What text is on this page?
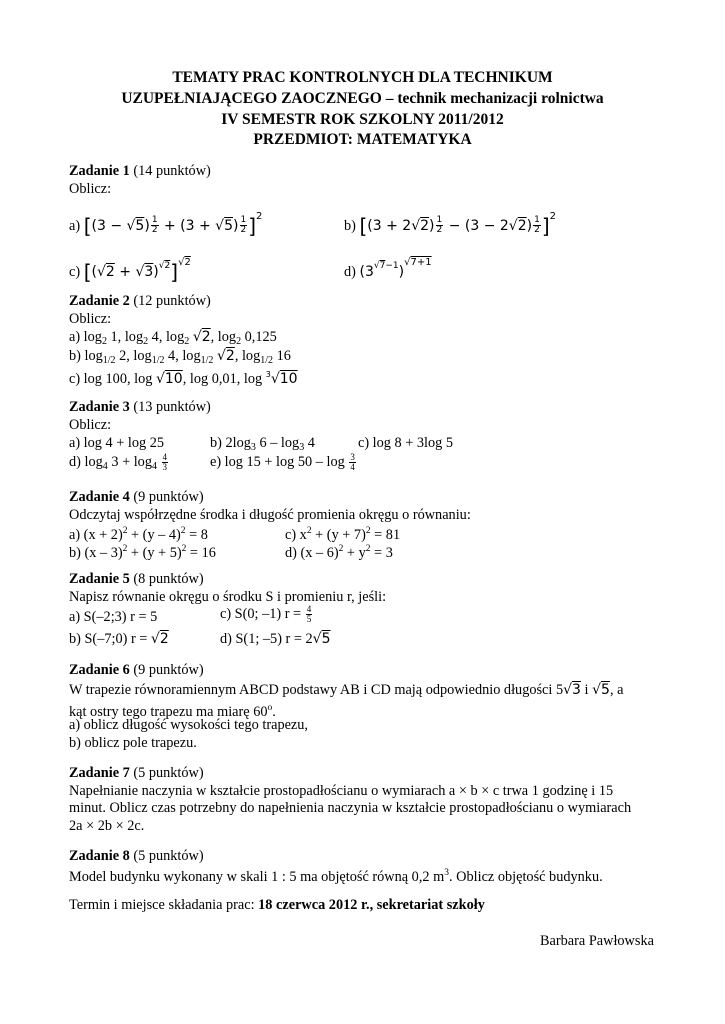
TEMATY PRAC KONTROLNYCH DLA TECHNIKUM
UZUPEŁNIAJĄCEGO ZAOCZNEGO – technik mechanizacji rolnictwa
IV SEMESTR ROK SZKOLNY 2011/2012
PRZEDMIOT: MATEMATYKA
Zadanie 1 (14 punktów)
Oblicz:
a) $[(3 - √5) \frac{1}{2} + (3 + √5) \frac{1}{2} ]^2$
b) $[(3 + 2√2) \frac{1}{2} - (3 - 2√2) \frac{1}{2} ]^2$
c) $[(√2 + √3)^{√2}]^{√2}$
d) $(3^{√7-1})^{√7+1}$
Zadanie 2 (12 punktów)
Oblicz:
a) $\log_2 1$, $\log_2 4$, $\log_2 √2$, $\log_2 0,125$
b) $\log_{1/2} 2$, $\log_{1/2} 4$, $\log_{1/2} √2$, $\log_{1/2} 16$
c) log 100, log √10, log 0,01, log $^3$√10
Zadanie 3 (13 punktów)
Oblicz:
a) log 4 + log 25	b) $2\log_3$ $6 - \log_3 4$	c) log 8 + 3log 5
d) $\log_4 3 + \log_4 \frac{4}{3}$	e) $\log 15 + \log 50 - \log \frac{3}{4}$
Zadanie 4 (9 punktów)
Odczytaj współrzędne środka i długość promienia okręgu o równaniu:
a) $(x + 2)^2 + (y - 4)^2 = 8$	c) $x^2 + (y + 7)^2 = 81$
b) $(x - 3)^2 + (y + 5)^2 = 16$	d) $(x - 6)^2 + y^2 = 3$
Zadanie 5 (8 punktów)
Napisz równanie okręgu o środku S i promieniu r, jeśli:
a) S(–2;3) r = 5	c) S(0; –1) $r = \frac{4}{5}$
b) S(–7;0) r = √2	d) S(1; –5) r = 2√5
Zadanie 6 (9 punktów)
W trapezie równoramiennym ABCD podstawy AB i CD mają odpowiednio długości 5√3 i √5, a
kąt ostry tego trapezu ma miarę 60$^o$.
a) oblicz długość wysokości tego trapezu,
b) oblicz pole trapezu.
Zadanie 7 (5 punktów)
Napełnianie naczynia w kształcie prostopadłościanu o wymiarach a × b × c trwa 1 godzinę i 15
minut. Oblicz czas potrzebny do napełnienia naczynia w kształcie prostopadłościanu o wymiarach
2a × 2b × 2c.
Zadanie 8 (5 punktów)
Model budynku wykonany w skali 1 : 5 ma objętość równą 0,2 $m^3$. Oblicz objętość budynku.
Termin i miejsce składania prac: 18 czerwca 2012 r., sekretariat szkoły
Barbara Pawłowska
